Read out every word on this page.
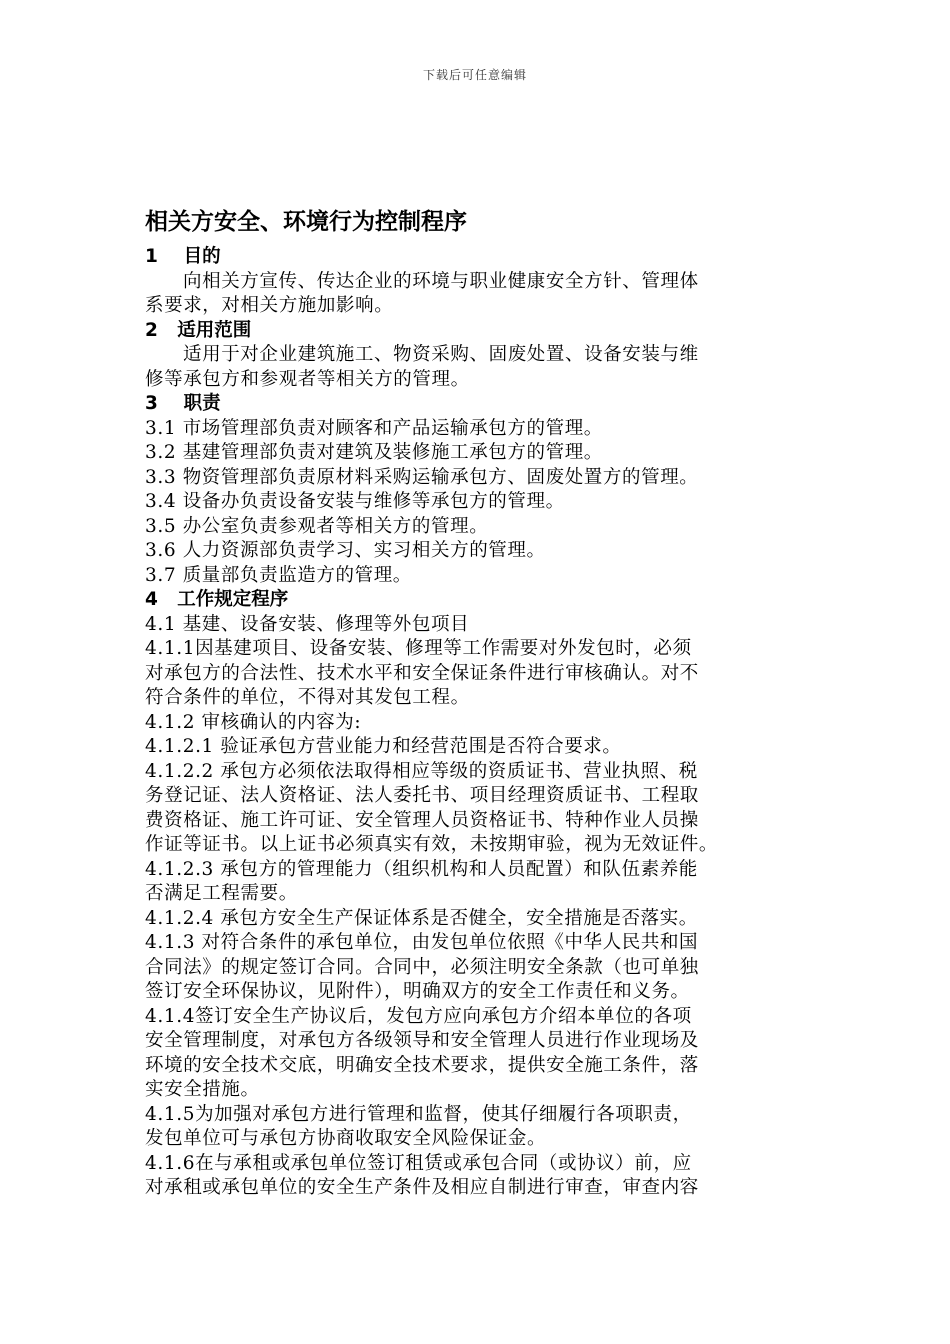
下载后可任意编辑
相关方安全、环境行为控制程序
1    目的
向相关方宣传、传达企业的环境与职业健康安全方针、管理体
系要求，对相关方施加影响。
2   适用范围
适用于对企业建筑施工、物资采购、固废处置、设备安装与维
修等承包方和参观者等相关方的管理。
3    职责
3.1 市场管理部负责对顾客和产品运输承包方的管理。
3.2 基建管理部负责对建筑及装修施工承包方的管理。
3.3 物资管理部负责原材料采购运输承包方、固废处置方的管理。
3.4 设备办负责设备安装与维修等承包方的管理。
3.5 办公室负责参观者等相关方的管理。
3.6 人力资源部负责学习、实习相关方的管理。
3.7 质量部负责监造方的管理。
4   工作规定程序
4.1 基建、设备安装、修理等外包项目
4.1.1因基建项目、设备安装、修理等工作需要对外发包时，必须
对承包方的合法性、技术水平和安全保证条件进行审核确认。对不
符合条件的单位，不得对其发包工程。
4.1.2 审核确认的内容为:
4.1.2.1 验证承包方营业能力和经营范围是否符合要求。
4.1.2.2 承包方必须依法取得相应等级的资质证书、营业执照、税
务登记证、法人资格证、法人委托书、项目经理资质证书、工程取
费资格证、施工许可证、安全管理人员资格证书、特种作业人员操
作证等证书。以上证书必须真实有效，未按期审验，视为无效证件。
4.1.2.3 承包方的管理能力（组织机构和人员配置）和队伍素养能
否满足工程需要。
4.1.2.4 承包方安全生产保证体系是否健全，安全措施是否落实。
4.1.3 对符合条件的承包单位，由发包单位依照《中华人民共和国
合同法》的规定签订合同。合同中，必须注明安全条款（也可单独
签订安全环保协议，见附件），明确双方的安全工作责任和义务。
4.1.4签订安全生产协议后，发包方应向承包方介绍本单位的各项
安全管理制度，对承包方各级领导和安全管理人员进行作业现场及
环境的安全技术交底，明确安全技术要求，提供安全施工条件，落
实安全措施。
4.1.5为加强对承包方进行管理和监督，使其仔细履行各项职责，
发包单位可与承包方协商收取安全风险保证金。
4.1.6在与承租或承包单位签订租赁或承包合同（或协议）前，应
对承租或承包单位的安全生产条件及相应自制进行审查，审查内容
